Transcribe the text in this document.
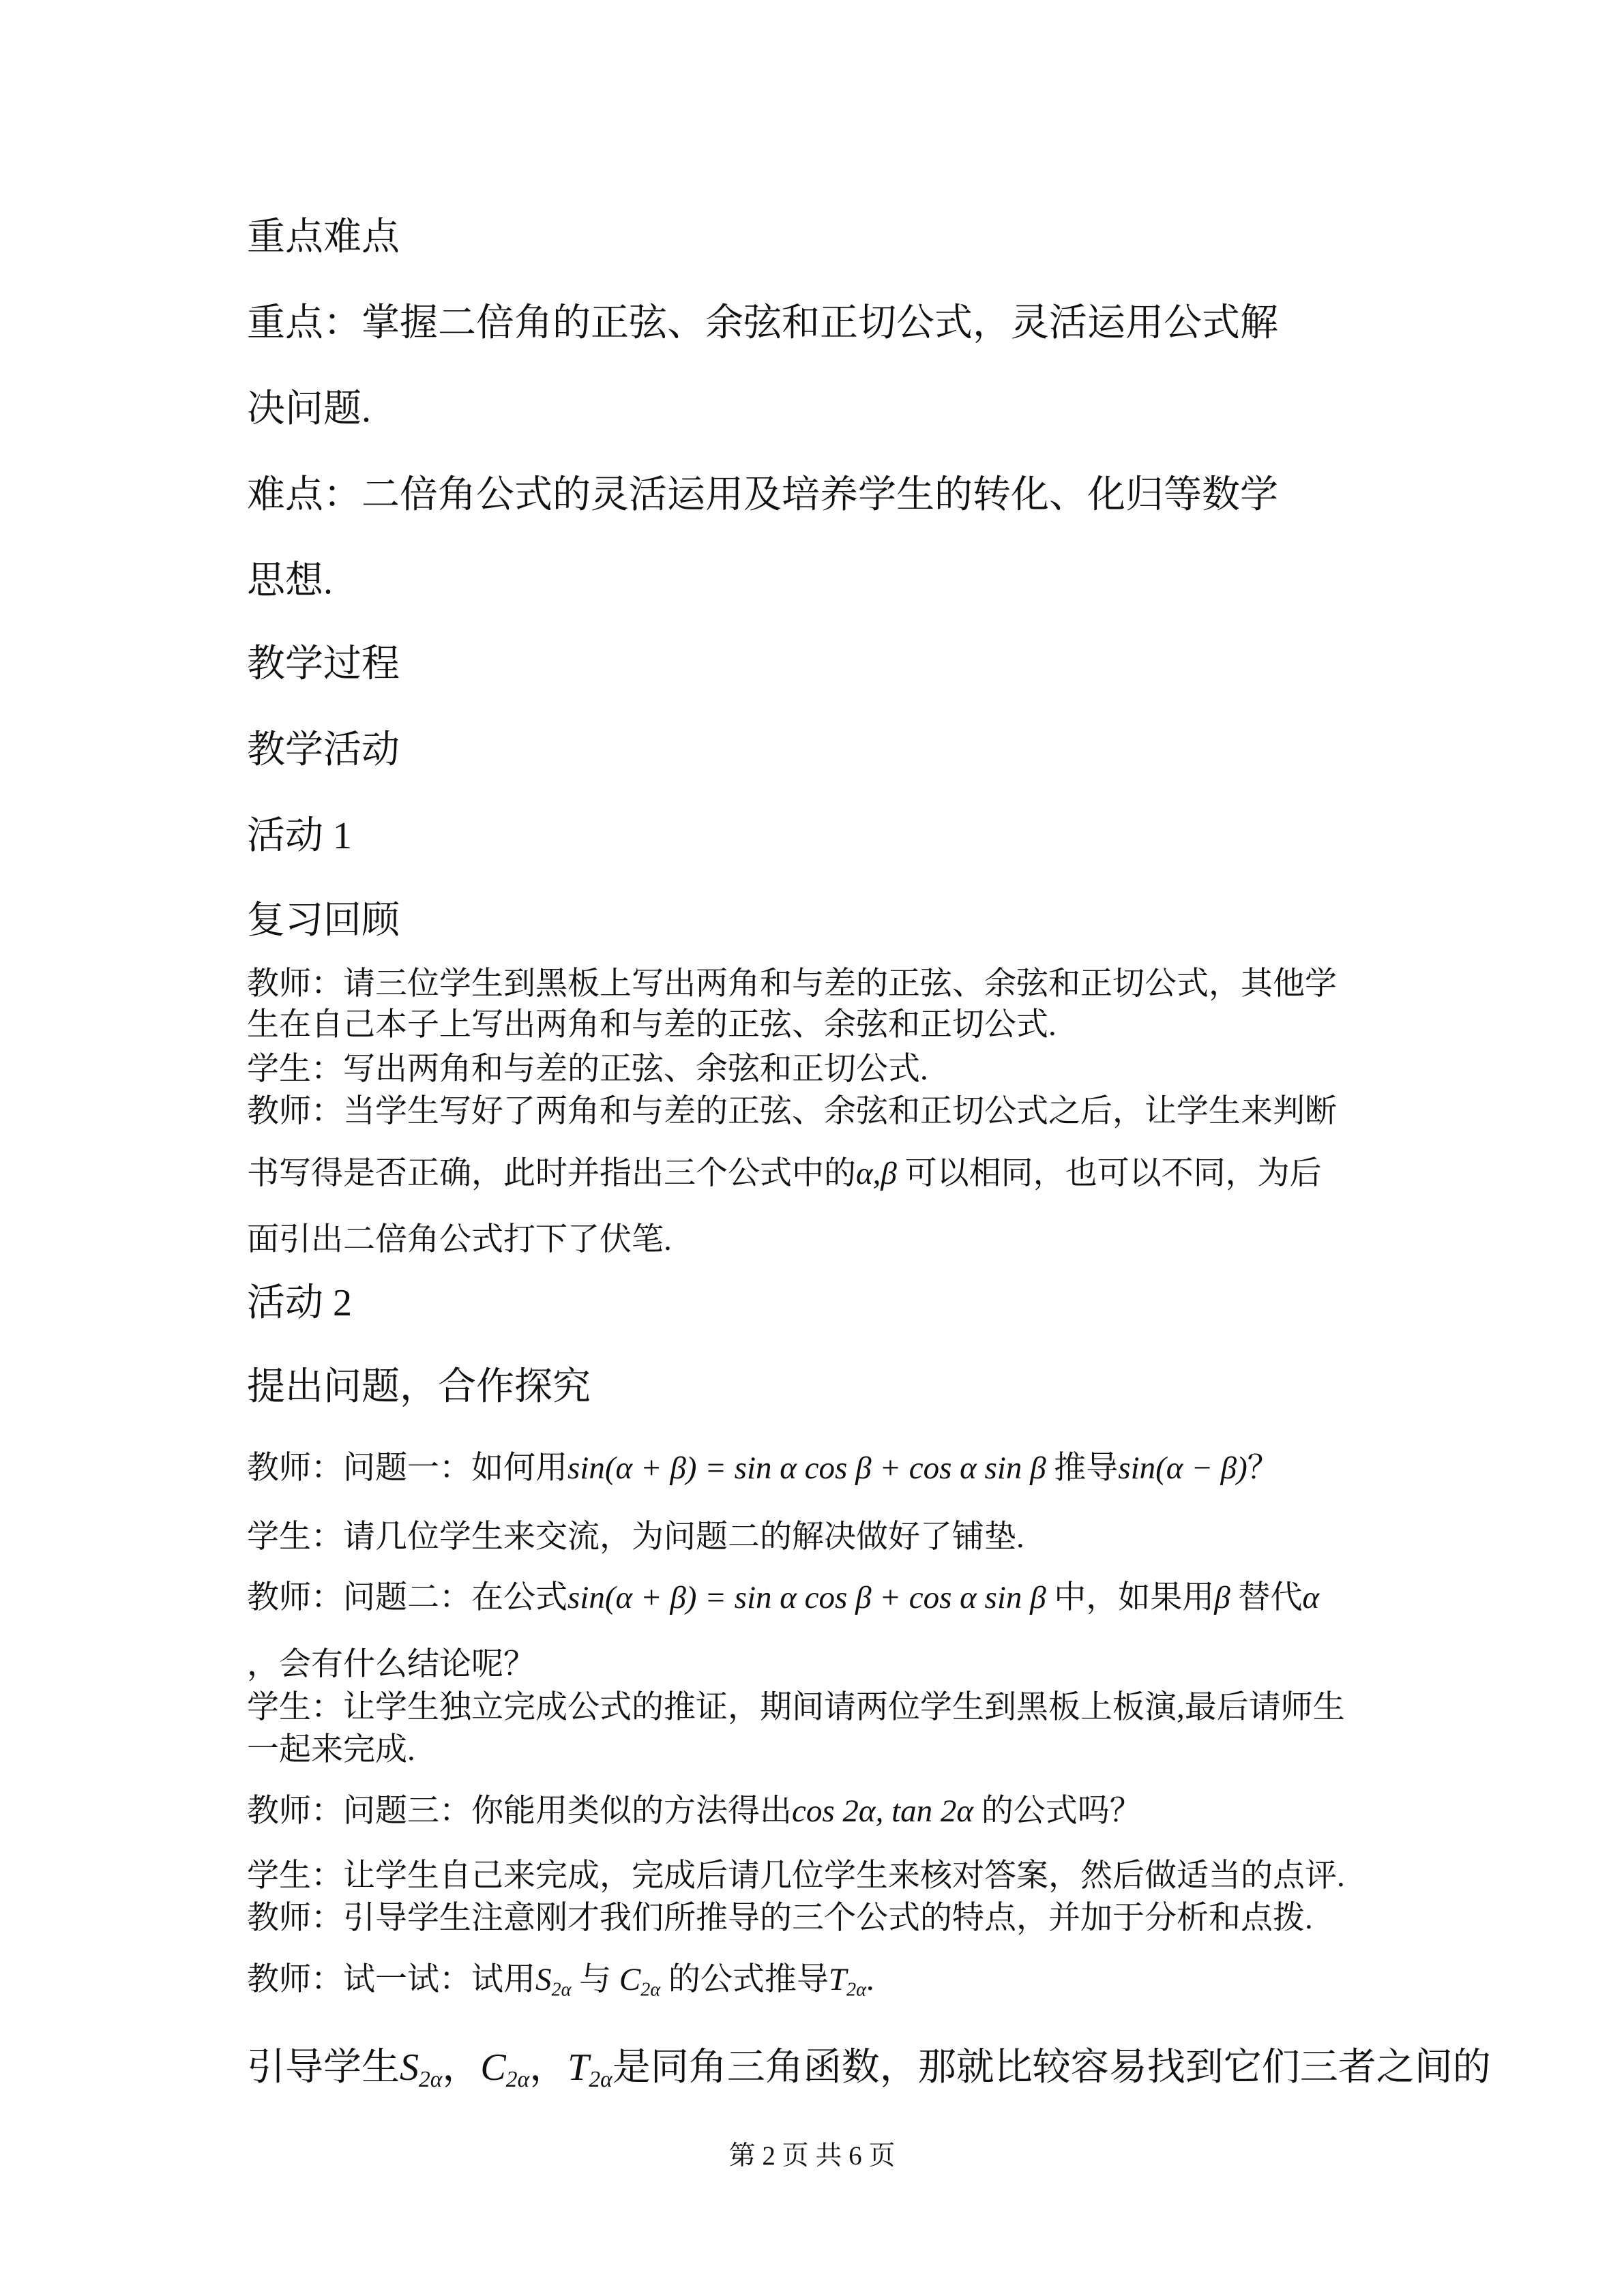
重点难点

重点：掌握二倍角的正弦、余弦和正切公式，灵活运用公式解

决问题.

难点：二倍角公式的灵活运用及培养学生的转化、化归等数学

思想.

教学过程

教学活动

活动 1

复习回顾

教师：请三位学生到黑板上写出两角和与差的正弦、余弦和正切公式，其他学

生在自己本子上写出两角和与差的正弦、余弦和正切公式.

学生：写出两角和与差的正弦、余弦和正切公式.

教师：当学生写好了两角和与差的正弦、余弦和正切公式之后，让学生来判断

书写得是否正确，此时并指出三个公式中的α,β 可以相同，也可以不同，为后

面引出二倍角公式打下了伏笔.

活动 2

提出问题，合作探究

教师：问题一：如何用sin(α + β) = sin α cos β + cos α sin β 推导sin(α − β)？

学生：请几位学生来交流，为问题二的解决做好了铺垫.

教师：问题二：在公式sin(α + β) = sin α cos β + cos α sin β 中，如果用β 替代α

，会有什么结论呢？

学生：让学生独立完成公式的推证，期间请两位学生到黑板上板演,最后请师生

一起来完成.

教师：问题三：你能用类似的方法得出cos 2α, tan 2α 的公式吗？

学生：让学生自己来完成，完成后请几位学生来核对答案，然后做适当的点评.

教师：引导学生注意刚才我们所推导的三个公式的特点，并加于分析和点拨.

教师：试一试：试用$S_{2\alpha}$ 与 $C_{2\alpha}$ 的公式推导$T_{2\alpha}$.

引导学生$S_{2\alpha}$，$C_{2\alpha}$，$T_{2\alpha}$是同角三角函数，那就比较容易找到它们三者之间的

第 2 页 共 6 页
